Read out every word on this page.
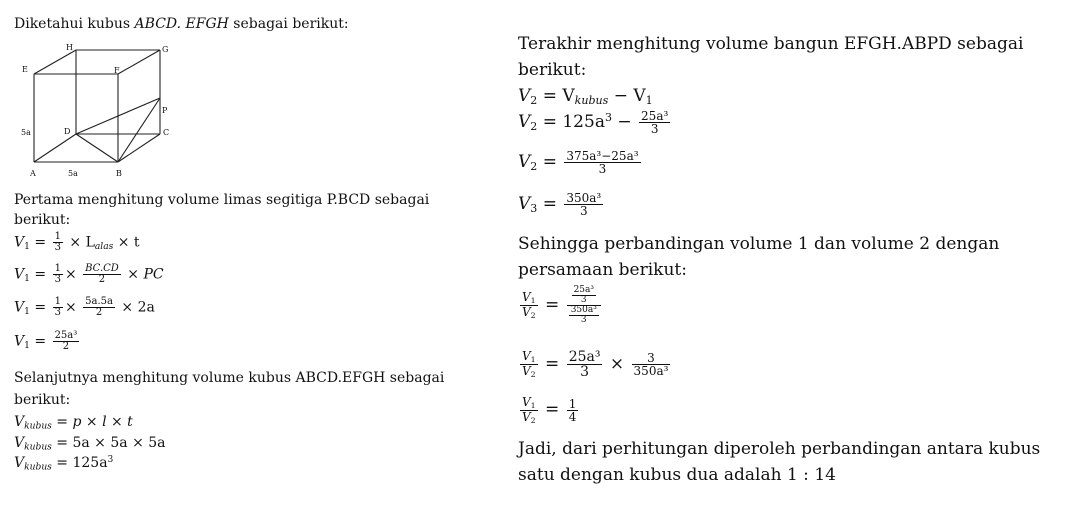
Diketahui kubus ABCD. EFGH sebagai berikut:
E
H	G
F
P
D	C
A	B
5a
5a
Pertama menghitung volume limas segitiga P.BCD sebagai
berikut:
$V_1 = \frac{1}{3} \times L_{alas} \times t$
$V_1 = \frac{1}{3} \times \frac{BC.CD}{2}$ × PC
$V_1 = \frac{1}{3} \times \frac{5a.5a}{2} \times 2a$
$V_1 = \frac{\text{25a³}}{2}$
Selanjutnya menghitung volume kubus ABCD.EFGH sebagai
berikut:
$V_{kubus} = p \times l \times t$
$V_{kubus} = 5a \times 5a \times 5a$
$V_{kubus} = 125a^3$
Terakhir menghitung volume bangun EFGH.ABPD sebagai
berikut:
$V_2 = V_{kubus} - V_1$
$V_2 = 125a^3 - \frac{\text{25a³}}{3}$
$V_2 = \frac{\text{375a³−25a³}}{3}$
$V_3 = \frac{\text{350a³}}{3}$
Sehingga perbandingan volume 1 dan volume 2 dengan
persamaan berikut:
$\frac{V_1}{V_2} = \frac{\frac{\text{25a³}}{3}}{\frac{\text{350a³}}{3}}$
$\frac{V_1}{V_2} = \frac{\text{25a³}}{3} \times \frac{3}{\text{350a³}}$
$\frac{V_1}{V_2} = \frac{1}{4}$
Jadi, dari perhitungan diperoleh perbandingan antara kubus
satu dengan kubus dua adalah 1 : 14
